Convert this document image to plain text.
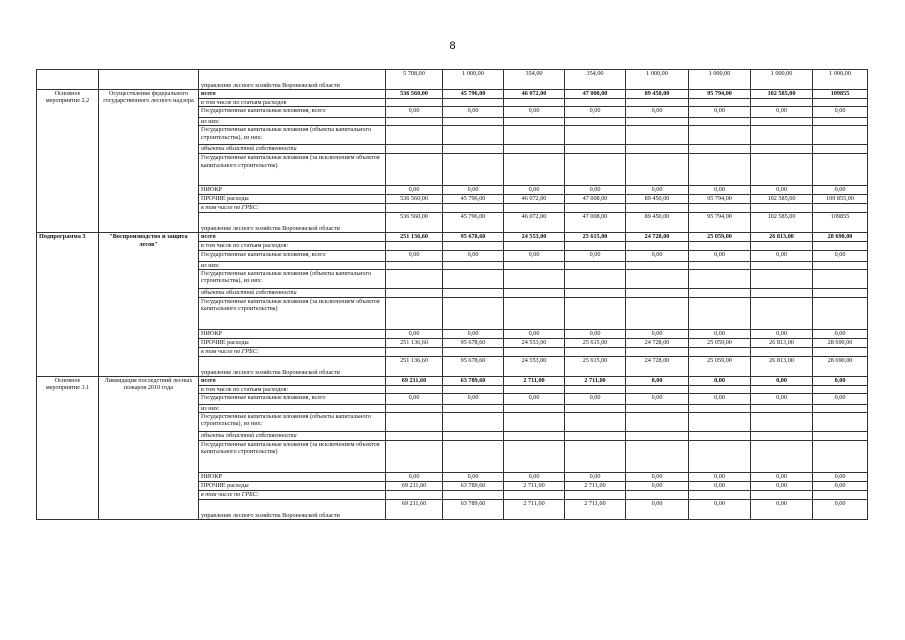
8
		управление лесного хозяйства Воронежской области	5 708,00	1 000,00	354,00	354,00	1 000,00	1 000,00	1 000,00	1 000,00
Основное мероприятие 2.2	Осуществление федерального государственного лесного надзора	всего	536 560,00	45 796,00	46 072,00	47 008,00	89 450,00	95 794,00	102 585,00	109855
		в том числе по статьям расходов								
		Государственные капитальные вложения, всего	0,00	0,00	0,00	0,00	0,00	0,00	0,00	0,00
		из них:								
		Государственные капитальные вложения (объекты капитального строительства), из них:								
		объекты областной собственности								
		Государственные капитальные вложения (за исключением объектов капитального строительства)								
		НИОКР	0,00	0,00	0,00	0,00	0,00	0,00	0,00	0,00
		ПРОЧИЕ расходы	536 560,00	45 796,00	46 072,00	47 008,00	89 450,00	95 794,00	102 585,00	109 855,00
		в том числе по ГРБС:								
		управление лесного хозяйства Воронежской области	536 560,00	45 796,00	46 072,00	47 008,00	89 450,00	95 794,00	102 585,00	109855
Подпрограмма 3	"Воспроизводство и защита лесов"	всего	251 136,60	95 678,60	24 553,00	25 615,00	24 728,00	25 059,00	26 813,00	28 690,00
		в том числе по статьям расходов:								
		Государственные капитальные вложения, всего	0,00	0,00	0,00	0,00	0,00	0,00	0,00	0,00
		из них:								
		Государственные капитальные вложения (объекты капитального строительства), из них:								
		объекты областной собственности								
		Государственные капитальные вложения (за исключением объектов капитального строительства)								
		НИОКР	0,00	0,00	0,00	0,00	0,00	0,00	0,00	0,00
		ПРОЧИЕ расходы	251 136,60	95 678,60	24 553,00	25 615,00	24 728,00	25 059,00	26 813,00	28 690,00
		в том числе по ГРБС:								
		управление лесного хозяйства Воронежской области	251 136,60	95 678,60	24 553,00	25 615,00	24 728,00	25 059,00	26 813,00	28 690,00
Основное мероприятие 3.1	Ликвидация последствий лесных пожаров 2010 года	всего	69 211,60	63 789,60	2 711,00	2 711,00	0,00	0,00	0,00	0,00
		в том числе по статьям расходов:								
		Государственные капитальные вложения, всего	0,00	0,00	0,00	0,00	0,00	0,00	0,00	0,00
		из них:								
		Государственные капитальные вложения (объекты капитального строительства), из них:								
		объекты областной собственности								
		Государственные капитальные вложения (за исключением объектов капитального строительства)								
		НИОКР	0,00	0,00	0,00	0,00	0,00	0,00	0,00	0,00
		ПРОЧИЕ расходы	69 211,60	63 789,60	2 711,00	2 711,00	0,00	0,00	0,00	0,00
		в том числе по ГРБС:								
		управление лесного хозяйства Воронежской области	69 211,60	63 789,60	2 711,00	2 711,00	0,00	0,00	0,00	0,00
